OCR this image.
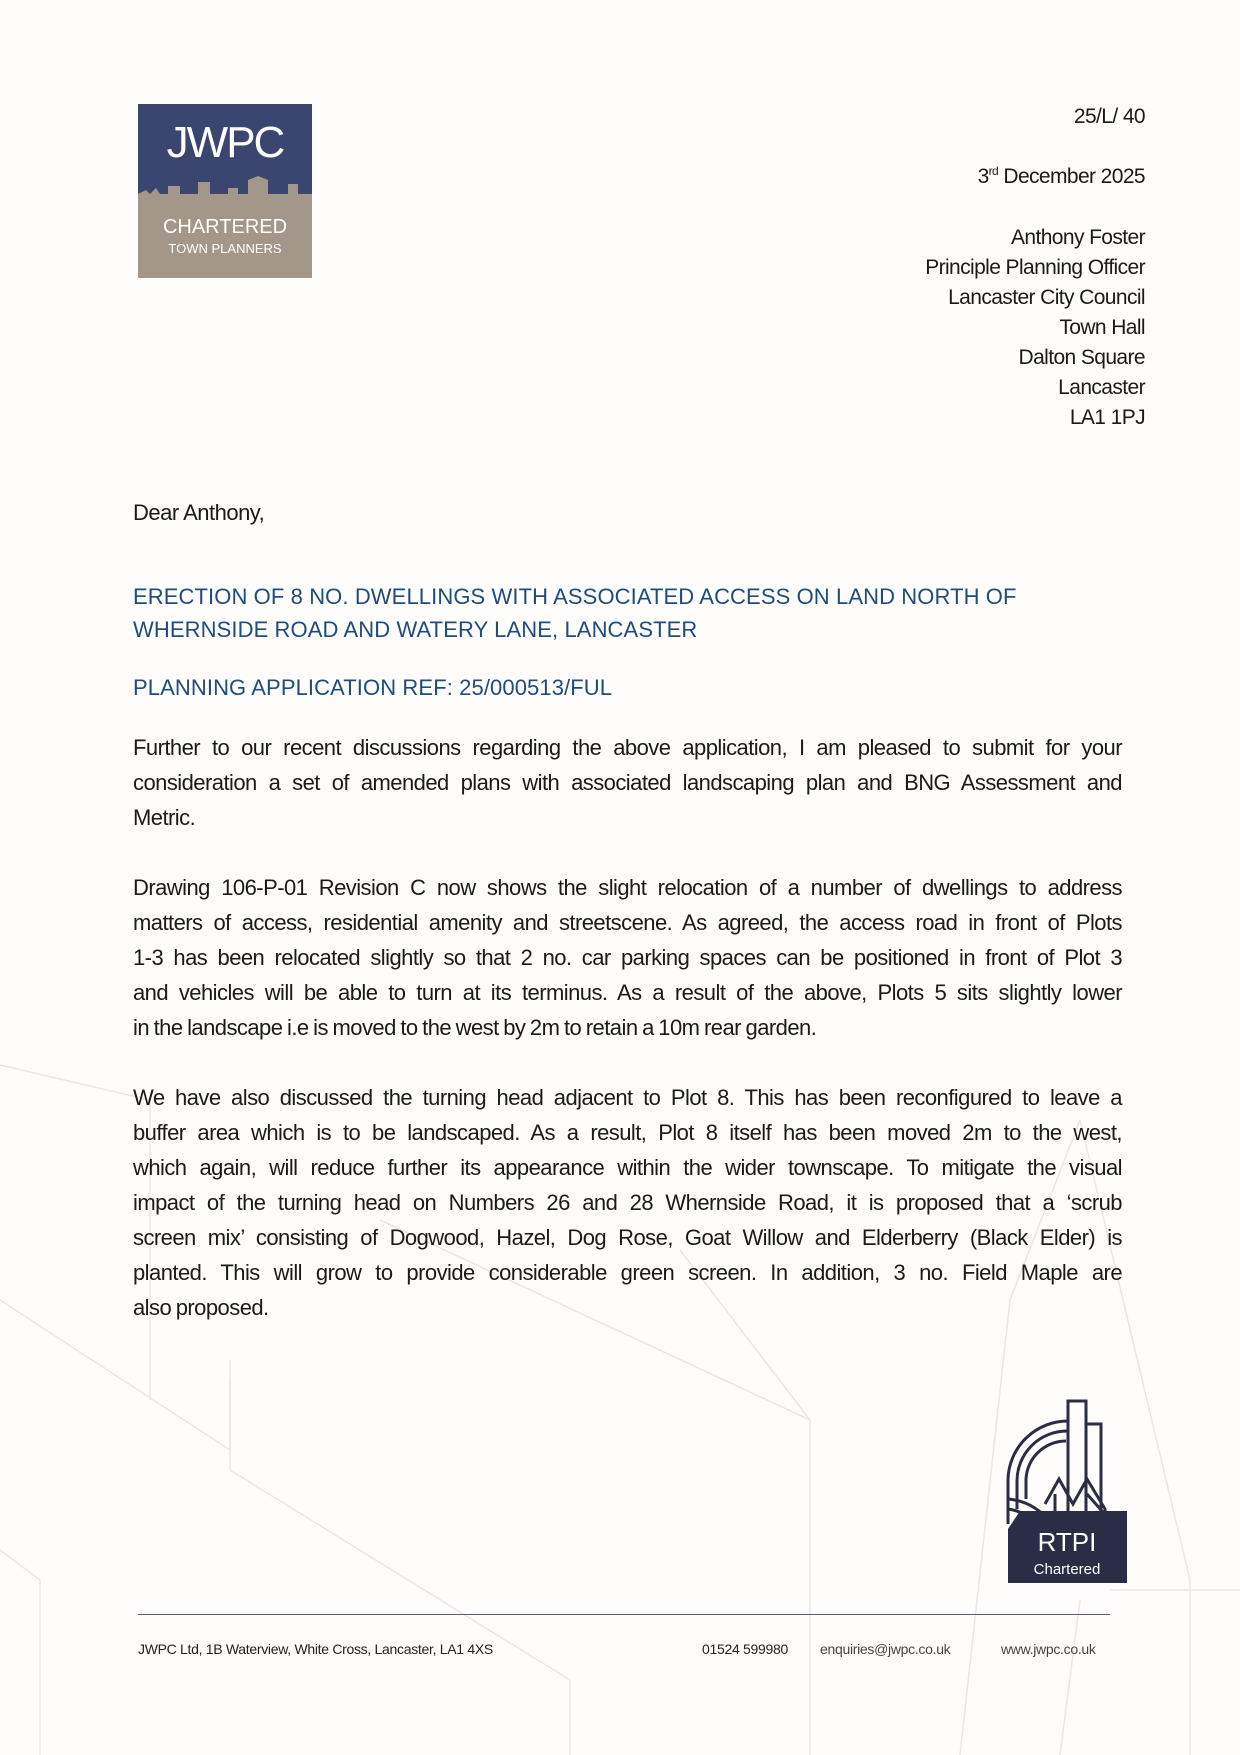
JWPC
CHARTERED
TOWN PLANNERS
25/L/ 40
3rd December 2025
Anthony Foster
Principle Planning Officer
Lancaster City Council
Town Hall
Dalton Square
Lancaster
LA1 1PJ
Dear Anthony,
ERECTION OF 8 NO. DWELLINGS WITH ASSOCIATED ACCESS ON LAND NORTH OF
WHERNSIDE ROAD AND WATERY LANE, LANCASTER
PLANNING APPLICATION REF: 25/000513/FUL
Further to our recent discussions regarding the above application, I am pleased to submit for your
consideration a set of amended plans with associated landscaping plan and BNG Assessment and
Metric.
Drawing 106-P-01 Revision C now shows the slight relocation of a number of dwellings to address
matters of access, residential amenity and streetscene. As agreed, the access road in front of Plots
1-3 has been relocated slightly so that 2 no. car parking spaces can be positioned in front of Plot 3
and vehicles will be able to turn at its terminus. As a result of the above, Plots 5 sits slightly lower
in the landscape i.e is moved to the west by 2m to retain a 10m rear garden.
We have also discussed the turning head adjacent to Plot 8. This has been reconfigured to leave a
buffer area which is to be landscaped. As a result, Plot 8 itself has been moved 2m to the west,
which again, will reduce further its appearance within the wider townscape. To mitigate the visual
impact of the turning head on Numbers 26 and 28 Whernside Road, it is proposed that a ‘scrub
screen mix’ consisting of Dogwood, Hazel, Dog Rose, Goat Willow and Elderberry (Black Elder) is
planted. This will grow to provide considerable green screen. In addition, 3 no. Field Maple are
also proposed.
RTPI
Chartered
JWPC Ltd, 1B Waterview, White Cross, Lancaster, LA1 4XS	01524 599980 enquiries@jwpc.co.uk	www.jwpc.co.uk
